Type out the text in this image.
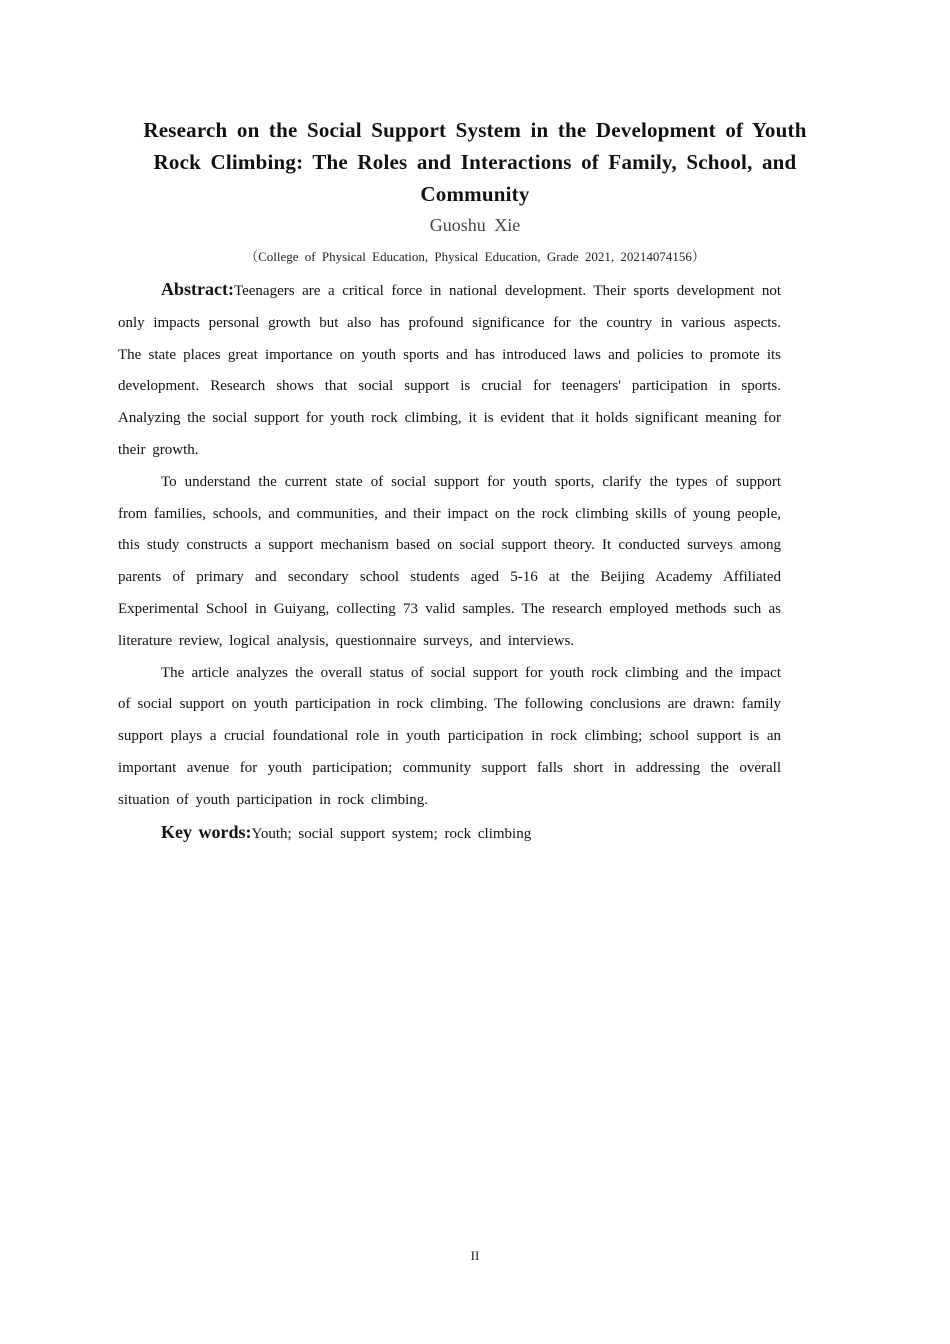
Research on the Social Support System in the Development of Youth Rock Climbing: The Roles and Interactions of Family, School, and Community
Guoshu Xie
（College of Physical Education, Physical Education, Grade 2021, 20214074156）

Abstract:Teenagers are a critical force in national development. Their sports development not only impacts personal growth but also has profound significance for the country in various aspects. The state places great importance on youth sports and has introduced laws and policies to promote its development. Research shows that social support is crucial for teenagers' participation in sports. Analyzing the social support for youth rock climbing, it is evident that it holds significant meaning for their growth.

To understand the current state of social support for youth sports, clarify the types of support from families, schools, and communities, and their impact on the rock climbing skills of young people, this study constructs a support mechanism based on social support theory. It conducted surveys among parents of primary and secondary school students aged 5-16 at the Beijing Academy Affiliated Experimental School in Guiyang, collecting 73 valid samples. The research employed methods such as literature review, logical analysis, questionnaire surveys, and interviews.

The article analyzes the overall status of social support for youth rock climbing and the impact of social support on youth participation in rock climbing. The following conclusions are drawn: family support plays a crucial foundational role in youth participation in rock climbing; school support is an important avenue for youth participation; community support falls short in addressing the overall situation of youth participation in rock climbing.

Key words:Youth; social support system; rock climbing

II
